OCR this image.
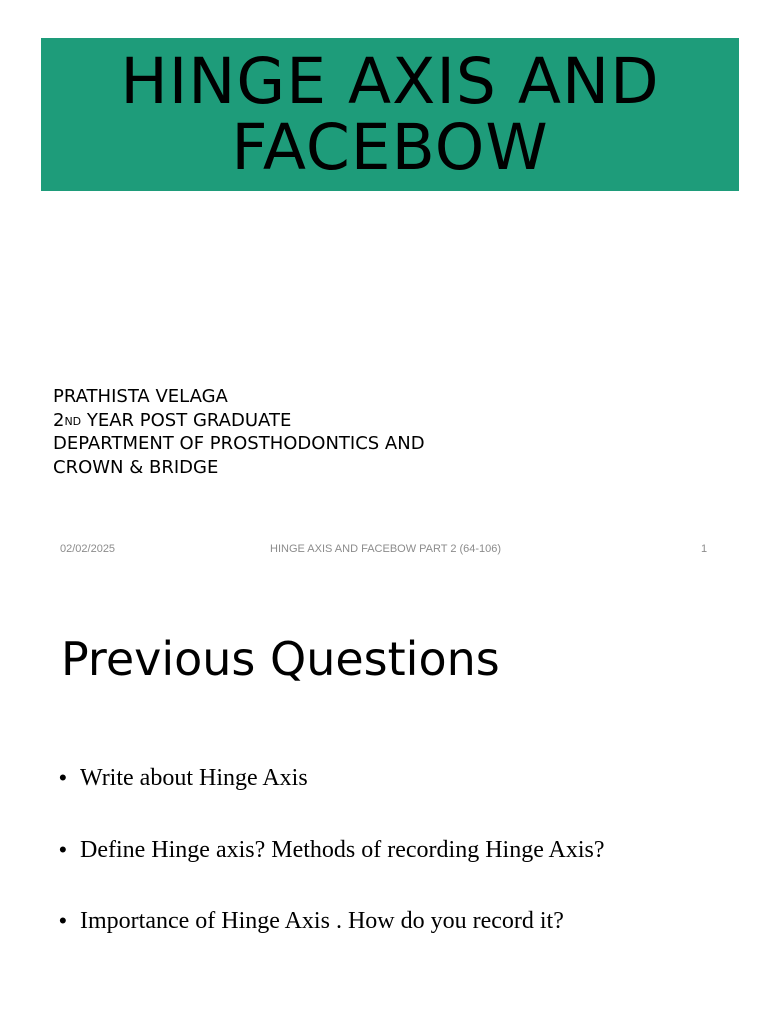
HINGE AXIS AND
FACEBOW
PRATHISTA VELAGA
2ND YEAR POST GRADUATE
DEPARTMENT OF PROSTHODONTICS AND
CROWN & BRIDGE
02/02/2025	HINGE AXIS AND FACEBOW PART 2 (64-106)	1
Previous Questions
• Write about Hinge Axis
• Define Hinge axis? Methods of recording Hinge Axis?
• Importance of Hinge Axis . How do you record it?
